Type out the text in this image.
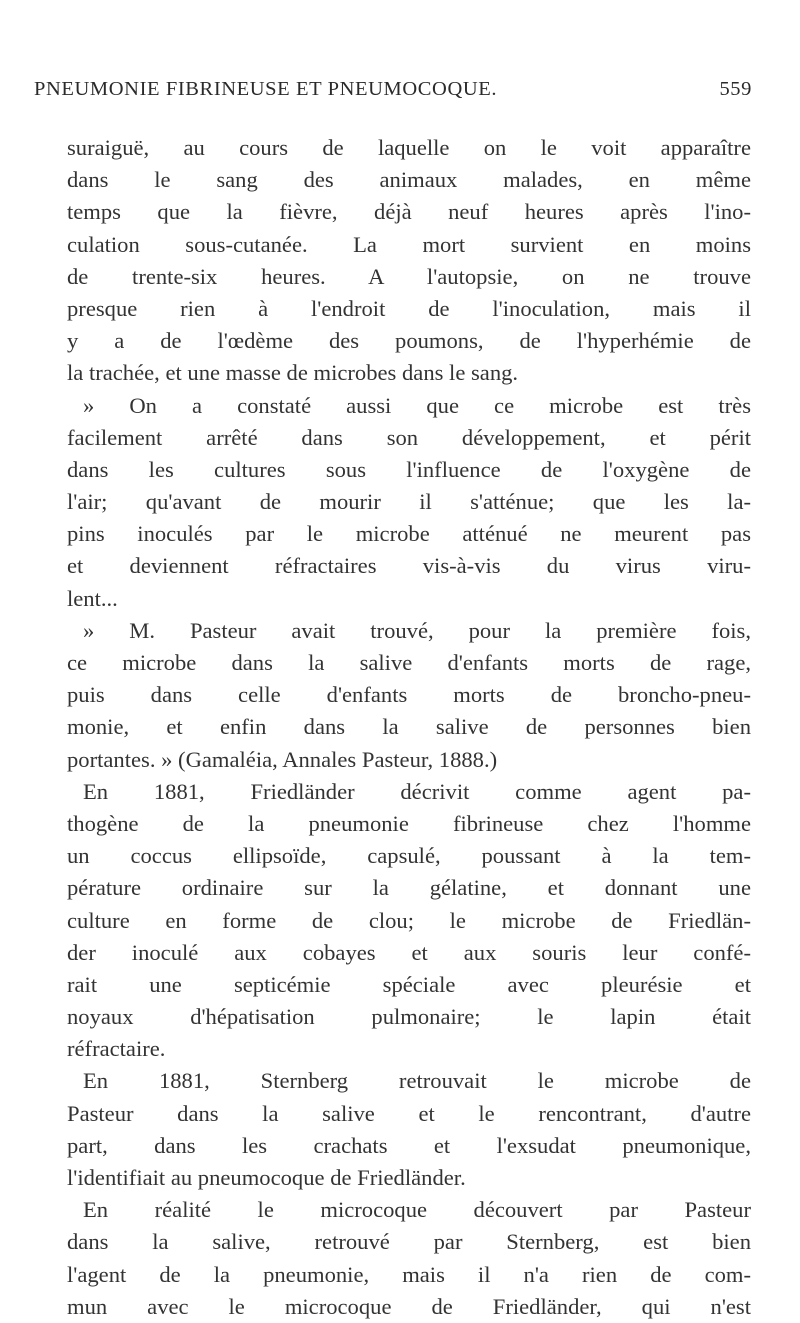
PNEUMONIE FIBRINEUSE ET PNEUMOCOQUE.	559
suraiguë, au cours de laquelle on le voit apparaître
dans le sang des animaux malades, en même
temps que la fièvre, déjà neuf heures après l'ino-
culation sous-cutanée. La mort survient en moins
de trente-six heures. A l'autopsie, on ne trouve
presque rien à l'endroit de l'inoculation, mais il
y a de l'œdème des poumons, de l'hyperhémie de
la trachée, et une masse de microbes dans le sang.
» On a constaté aussi que ce microbe est très
facilement arrêté dans son développement, et périt
dans les cultures sous l'influence de l'oxygène de
l'air; qu'avant de mourir il s'atténue; que les la-
pins inoculés par le microbe atténué ne meurent pas
et deviennent réfractaires vis-à-vis du virus viru-
lent...
» M. Pasteur avait trouvé, pour la première fois,
ce microbe dans la salive d'enfants morts de rage,
puis dans celle d'enfants morts de broncho-pneu-
monie, et enfin dans la salive de personnes bien
portantes. » (Gamaléia, Annales Pasteur, 1888.)
En 1881, Friedländer décrivit comme agent pa-
thogène de la pneumonie fibrineuse chez l'homme
un coccus ellipsoïde, capsulé, poussant à la tem-
pérature ordinaire sur la gélatine, et donnant une
culture en forme de clou; le microbe de Friedlän-
der inoculé aux cobayes et aux souris leur confé-
rait une septicémie spéciale avec pleurésie et
noyaux d'hépatisation pulmonaire; le lapin était
réfractaire.
En 1881, Sternberg retrouvait le microbe de
Pasteur dans la salive et le rencontrant, d'autre
part, dans les crachats et l'exsudat pneumonique,
l'identifiait au pneumocoque de Friedländer.
En réalité le microcoque découvert par Pasteur
dans la salive, retrouvé par Sternberg, est bien
l'agent de la pneumonie, mais il n'a rien de com-
mun avec le microcoque de Friedländer, qui n'est
